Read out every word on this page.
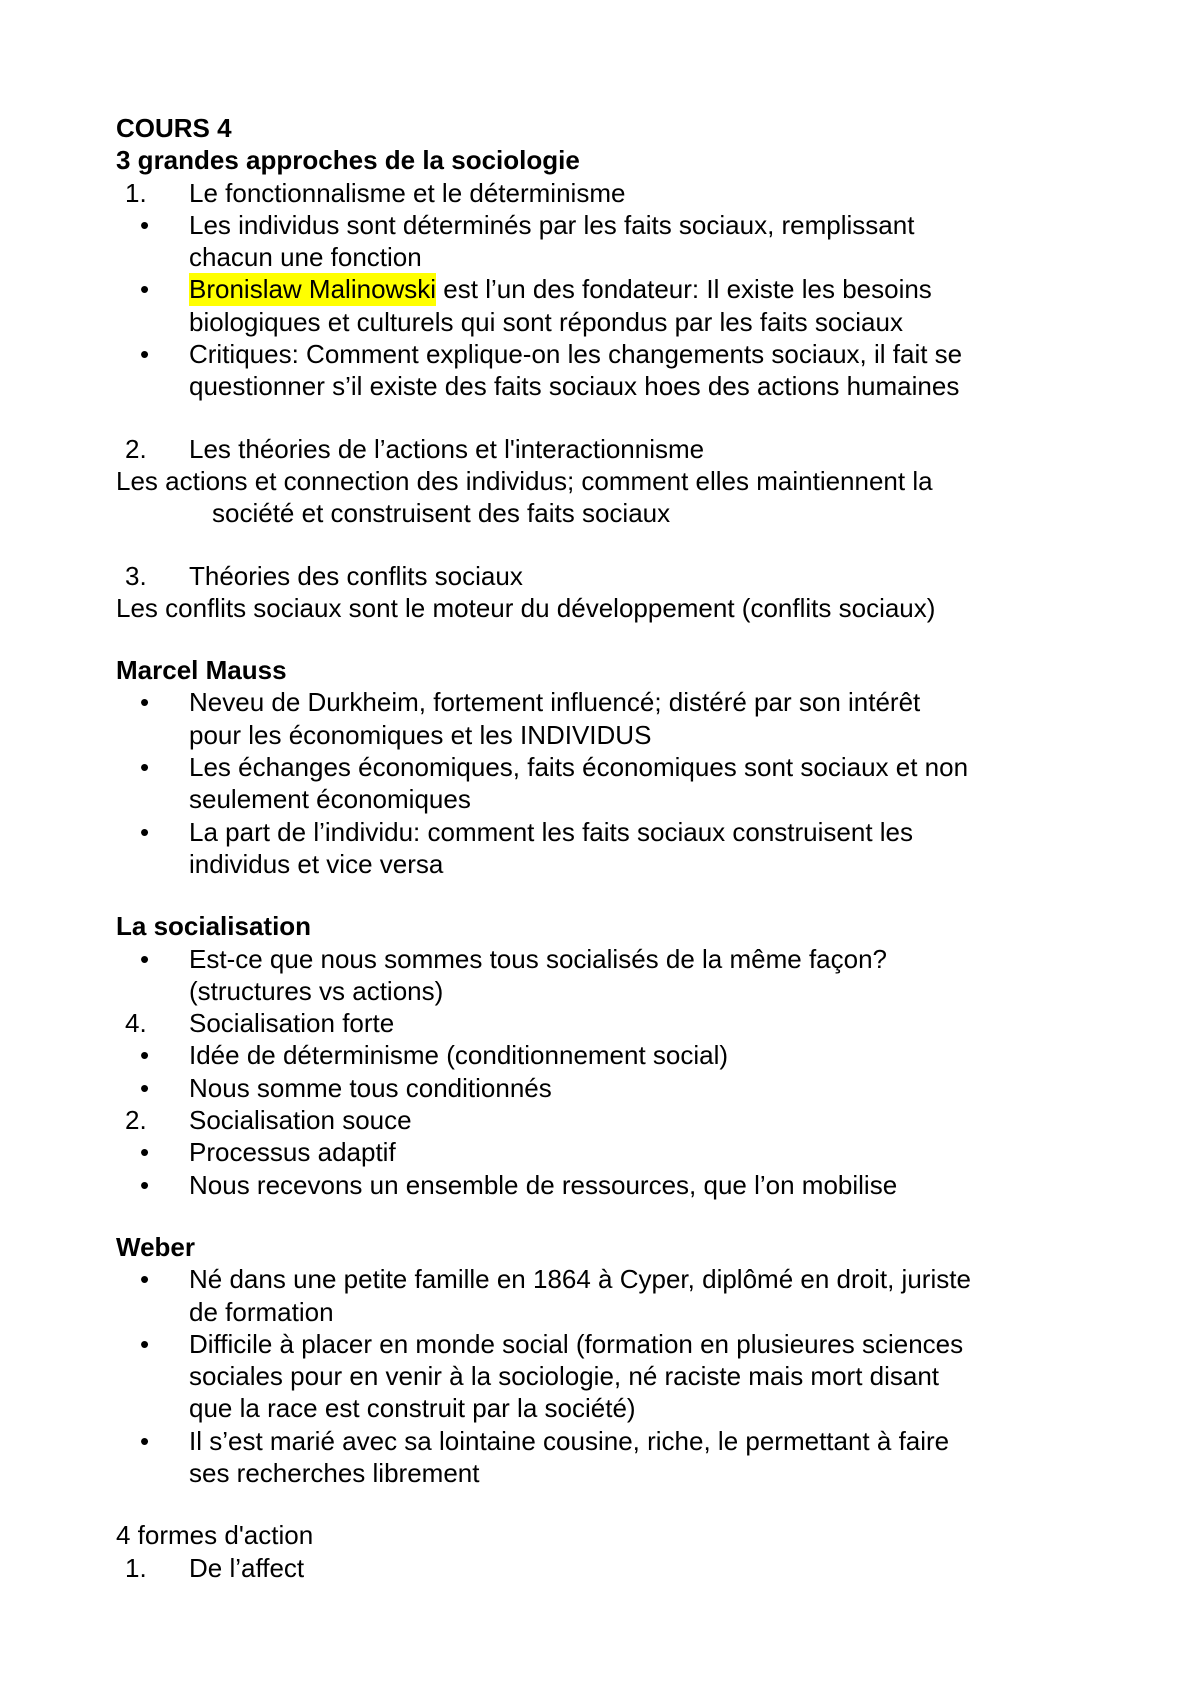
COURS 4
3 grandes approches de la sociologie
1.	Le fonctionnalisme et le déterminisme
•	Les individus sont déterminés par les faits sociaux, remplissant
chacun une fonction
•	Bronislaw Malinowski est l’un des fondateur: Il existe les besoins
biologiques et culturels qui sont répondus par les faits sociaux
•	Critiques: Comment explique-on les changements sociaux, il fait se
questionner s’il existe des faits sociaux hoes des actions humaines
2.	Les théories de l’actions et l'interactionnisme
Les actions et connection des individus; comment elles maintiennent la
société et construisent des faits sociaux
3.	Théories des conflits sociaux
Les conflits sociaux sont le moteur du développement (conflits sociaux)
Marcel Mauss
•	Neveu de Durkheim, fortement influencé; distéré par son intérêt
pour les économiques et les INDIVIDUS
•	Les échanges économiques, faits économiques sont sociaux et non
seulement économiques
•	La part de l’individu: comment les faits sociaux construisent les
individus et vice versa
La socialisation
•	Est-ce que nous sommes tous socialisés de la même façon?
(structures vs actions)
4.	Socialisation forte
•	Idée de déterminisme (conditionnement social)
•	Nous somme tous conditionnés
2.	Socialisation souce
•	Processus adaptif
•	Nous recevons un ensemble de ressources, que l’on mobilise
Weber
•	Né dans une petite famille en 1864 à Cyper, diplômé en droit, juriste
de formation
•	Difficile à placer en monde social (formation en plusieures sciences
sociales pour en venir à la sociologie, né raciste mais mort disant
que la race est construit par la société)
•	Il s’est marié avec sa lointaine cousine, riche, le permettant à faire
ses recherches librement
4 formes d'action
1.	De l’affect
